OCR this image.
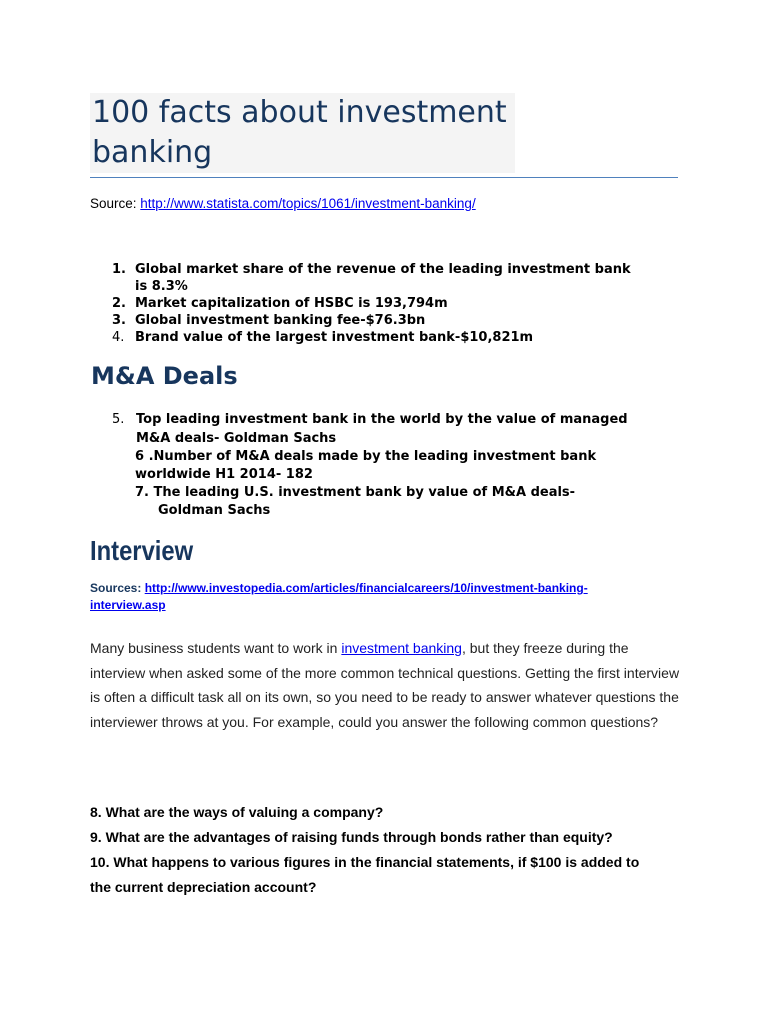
100 facts about investment
banking
Source: http://www.statista.com/topics/1061/investment-banking/
1. Global market share of the revenue of the leading investment bank
is 8.3%
2. Market capitalization of HSBC is 193,794m
3. Global investment banking fee-$76.3bn
4. Brand value of the largest investment bank-$10,821m
M&A Deals
5. Top leading investment bank in the world by the value of managed
M&A deals- Goldman Sachs
6 .Number of M&A deals made by the leading investment bank
worldwide H1 2014- 182
7. The leading U.S. investment bank by value of M&A deals-
Goldman Sachs
Interview
Sources: http://www.investopedia.com/articles/financialcareers/10/investment-banking-
interview.asp

Many business students want to work in investment banking, but they freeze during the interview when asked some of the more common technical questions. Getting the first interview is often a difficult task all on its own, so you need to be ready to answer whatever questions the interviewer throws at you. For example, could you answer the following common questions?

8. What are the ways of valuing a company?
9. What are the advantages of raising funds through bonds rather than equity?
10. What happens to various figures in the financial statements, if $100 is added to
the current depreciation account?
